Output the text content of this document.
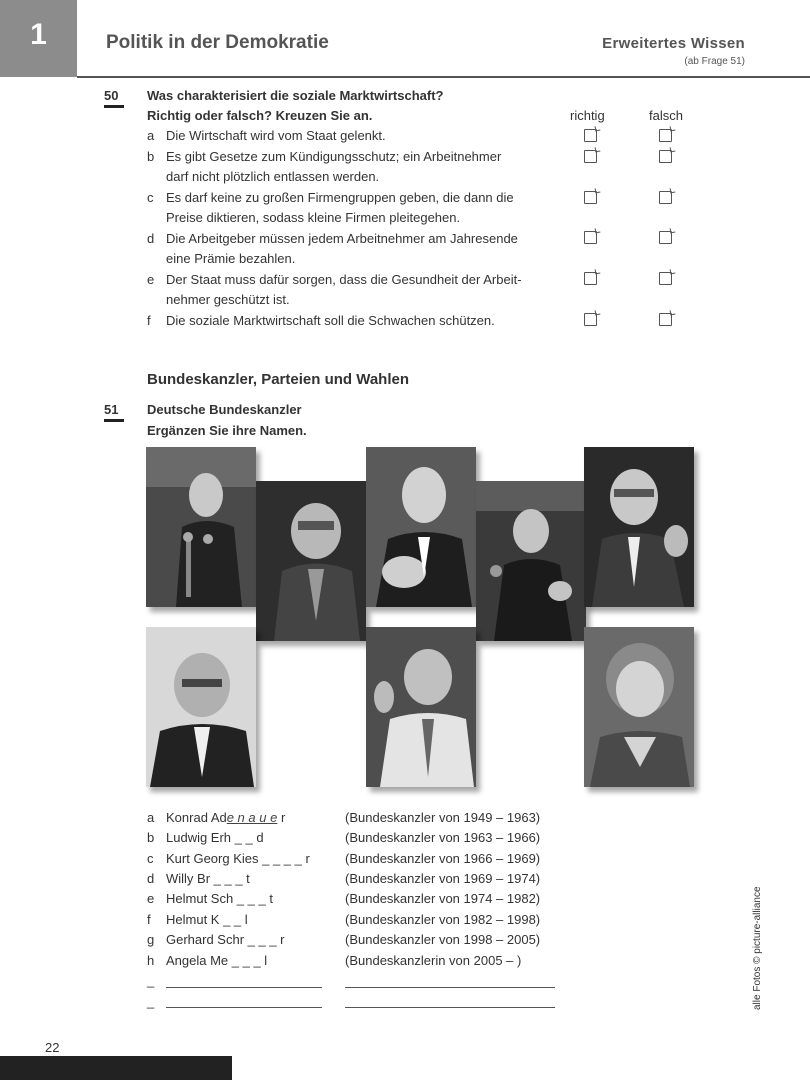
1	Politik in der Demokratie	Erweitertes Wissen
(ab Frage 51)
50 Was charakterisiert die soziale Marktwirtschaft?
Richtig oder falsch? Kreuzen Sie an.	richtig	falsch
a Die Wirtschaft wird vom Staat gelenkt.
b Es gibt Gesetze zum Kündigungsschutz; ein Arbeitnehmer
darf nicht plötzlich entlassen werden.
c Es darf keine zu großen Firmengruppen geben, die dann die
Preise diktieren, sodass kleine Firmen pleitegehen.
d Die Arbeitgeber müssen jedem Arbeitnehmer am Jahresende
eine Prämie bezahlen.
e Der Staat muss dafür sorgen, dass die Gesundheit der Arbeit-
nehmer geschützt ist.
f Die soziale Marktwirtschaft soll die Schwachen schützen.
Bundeskanzler, Parteien und Wahlen
51 Deutsche Bundeskanzler
Ergänzen Sie ihre Namen.
a Konrad Ade n a u e r	(Bundeskanzler von 1949 – 1963)
b Ludwig Erh _ _ d	(Bundeskanzler von 1963 – 1966)
c Kurt Georg Kies _ _ _ _ r	(Bundeskanzler von 1966 – 1969)
d Willy Br _ _ _ t	(Bundeskanzler von 1969 – 1974)
e Helmut Sch _ _ _ t	(Bundeskanzler von 1974 – 1982)
f Helmut K _ _ l	(Bundeskanzler von 1982 – 1998)
g Gerhard Schr _ _ _ r	(Bundeskanzler von 1998 – 2005)
h Angela Me _ _ _ l	(Bundeskanzlerin von 2005 – )
_
_	alle Fotos © picture-alliance
22
